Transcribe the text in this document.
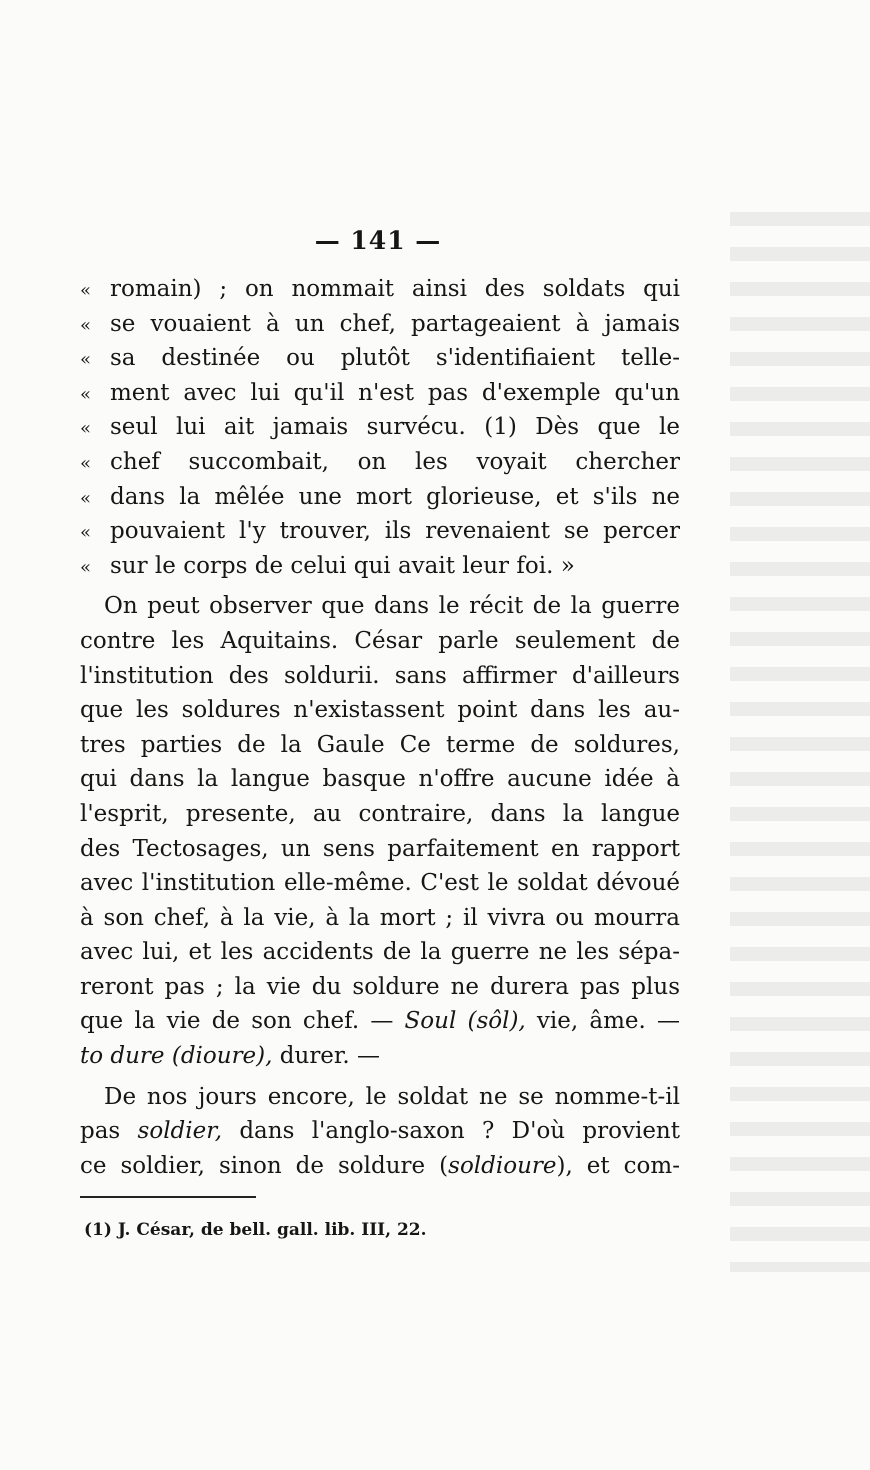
— 141 —
« romain) ; on nommait ainsi des soldats qui
« se vouaient à un chef, partageaient à jamais
« sa destinée ou plutôt s'identifiaient telle-
« ment avec lui qu'il n'est pas d'exemple qu'un
« seul lui ait jamais survécu. (1) Dès que le
« chef succombait, on les voyait chercher
« dans la mêlée une mort glorieuse, et s'ils ne
« pouvaient l'y trouver, ils revenaient se percer
« sur le corps de celui qui avait leur foi. »
On peut observer que dans le récit de la guerre
contre les Aquitains. César parle seulement de
l'institution des soldurii. sans affirmer d'ailleurs
que les soldures n'existassent point dans les au-
tres parties de la Gaule Ce terme de soldures,
qui dans la langue basque n'offre aucune idée à
l'esprit, presente, au contraire, dans la langue
des Tectosages, un sens parfaitement en rapport
avec l'institution elle-même. C'est le soldat dévoué
à son chef, à la vie, à la mort ; il vivra ou mourra
avec lui, et les accidents de la guerre ne les sépa-
reront pas ; la vie du soldure ne durera pas plus
que la vie de son chef. — Soul (sôl), vie, âme. —
to dure (dioure), durer. —
De nos jours encore, le soldat ne se nomme-t-il
pas soldier, dans l'anglo-saxon ? D'où provient
ce soldier, sinon de soldure (soldioure), et com-
(1) J. César, de bell. gall. lib. III, 22.
